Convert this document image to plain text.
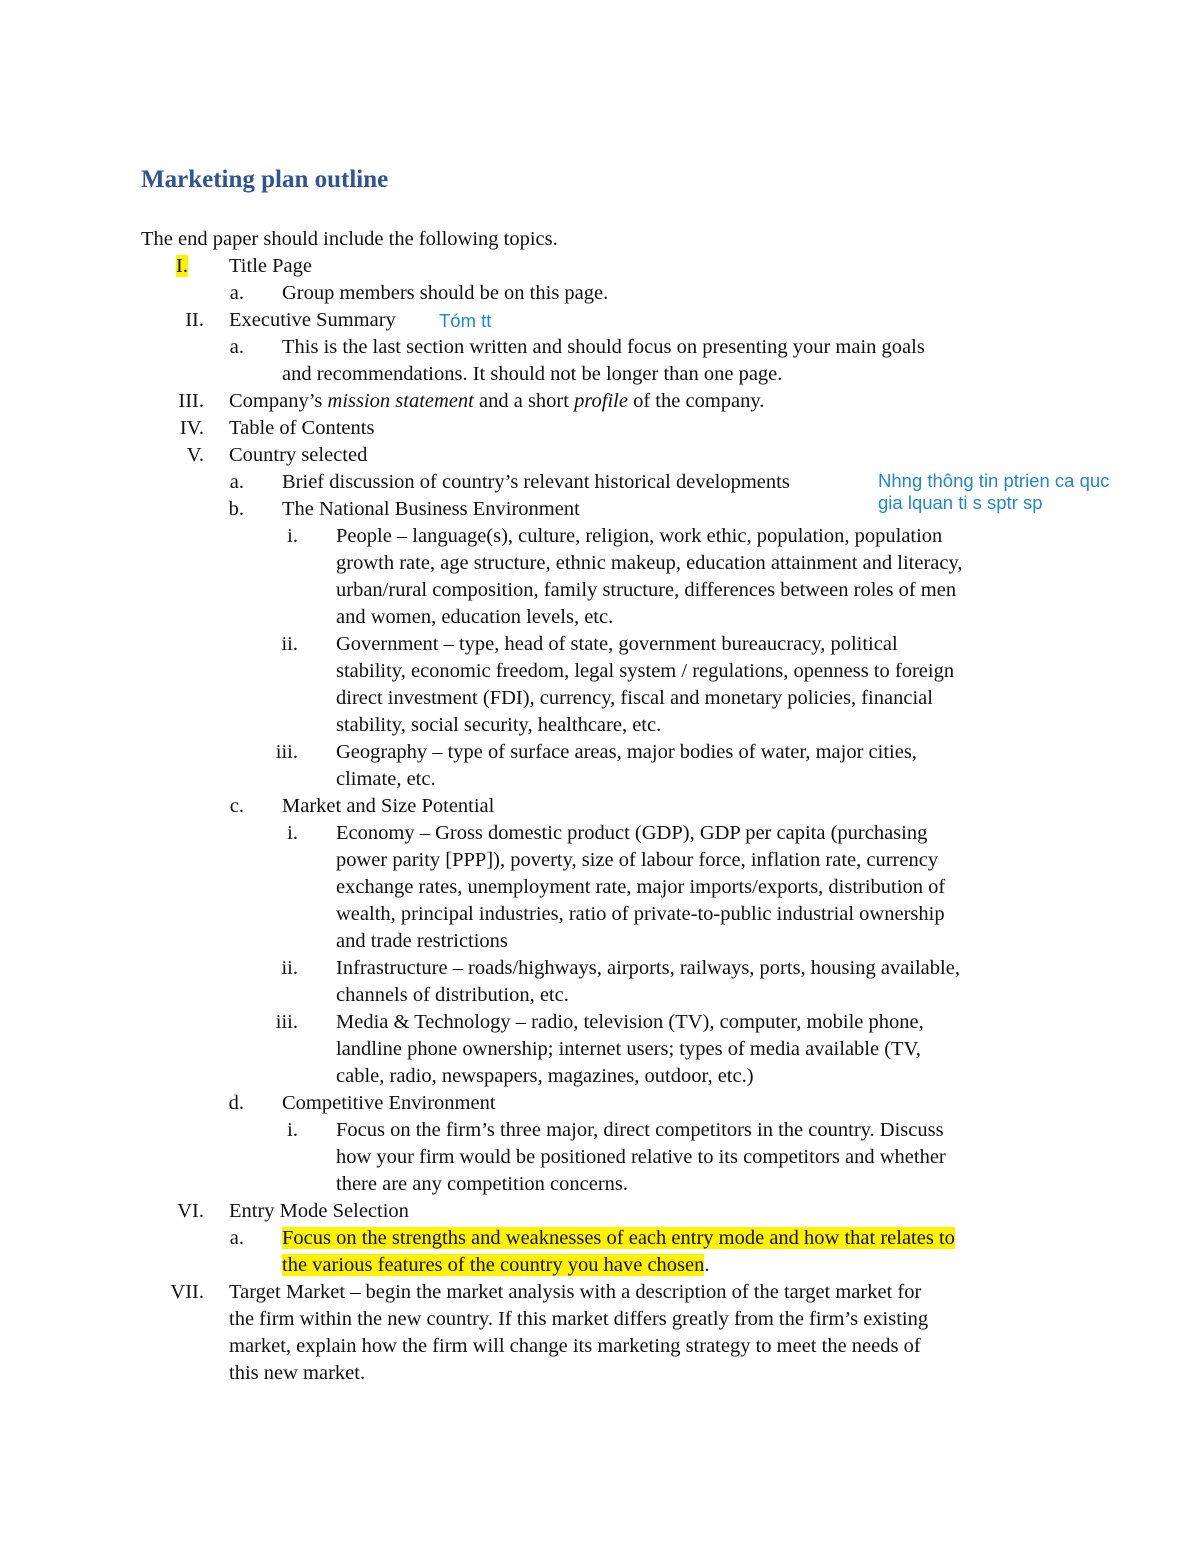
Marketing plan outline
The end paper should include the following topics.
I. Title Page
a. Group members should be on this page.
II. Executive Summary Tóm tt
a. This is the last section written and should focus on presenting your main goals
and recommendations. It should not be longer than one page.
III. Company’s mission statement and a short profile of the company.
IV. Table of Contents
V. Country selected
a. Brief discussion of country’s relevant historical developments	Nhng thông tin ptrien ca quc
gia lquan ti s sptr sp
b. The National Business Environment
i. People – language(s), culture, religion, work ethic, population, population
growth rate, age structure, ethnic makeup, education attainment and literacy,
urban/rural composition, family structure, differences between roles of men
and women, education levels, etc.
ii. Government – type, head of state, government bureaucracy, political
stability, economic freedom, legal system / regulations, openness to foreign
direct investment (FDI), currency, fiscal and monetary policies, financial
stability, social security, healthcare, etc.
iii. Geography – type of surface areas, major bodies of water, major cities,
climate, etc.
c. Market and Size Potential
i. Economy – Gross domestic product (GDP), GDP per capita (purchasing
power parity [PPP]), poverty, size of labour force, inflation rate, currency
exchange rates, unemployment rate, major imports/exports, distribution of
wealth, principal industries, ratio of private-to-public industrial ownership
and trade restrictions
ii. Infrastructure – roads/highways, airports, railways, ports, housing available,
channels of distribution, etc.
iii. Media & Technology – radio, television (TV), computer, mobile phone,
landline phone ownership; internet users; types of media available (TV,
cable, radio, newspapers, magazines, outdoor, etc.)
d. Competitive Environment
i. Focus on the firm’s three major, direct competitors in the country. Discuss
how your firm would be positioned relative to its competitors and whether
there are any competition concerns.
VI. Entry Mode Selection
a. Focus on the strengths and weaknesses of each entry mode and how that relates to
the various features of the country you have chosen.
VII. Target Market – begin the market analysis with a description of the target market for
the firm within the new country. If this market differs greatly from the firm’s existing
market, explain how the firm will change its marketing strategy to meet the needs of
this new market.
